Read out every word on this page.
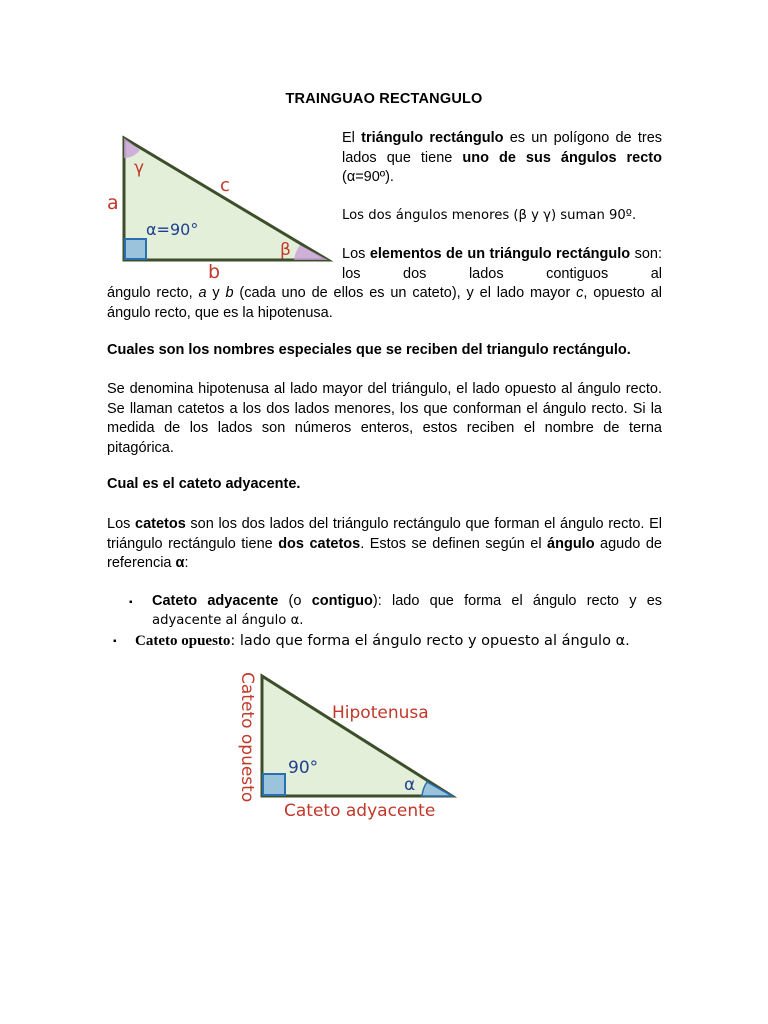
TRAINGUAO RECTANGULO
γ
c
a
α=90°
β
b
El triángulo rectángulo es un polígono de tres lados que tiene uno de sus ángulos recto (α=90º).
Los dos ángulos menores (β y γ) suman 90º.
Los elementos de un triángulo rectángulo son: los dos lados contiguos al
ángulo recto, a y b (cada uno de ellos es un cateto), y el lado mayor c, opuesto al ángulo recto, que es la hipotenusa.
Cuales son los nombres especiales que se reciben del triangulo rectángulo.
Se denomina hipotenusa al lado mayor del triángulo, el lado opuesto al ángulo recto. Se llaman catetos a los dos lados menores, los que conforman el ángulo recto. Si la medida de los lados son números enteros, estos reciben el nombre de terna pitagórica.
Cual es el cateto adyacente.
Los catetos son los dos lados del triángulo rectángulo que forman el ángulo recto. El triángulo rectángulo tiene dos catetos. Estos se definen según el ángulo agudo de referencia α:
▪ Cateto adyacente (o contiguo): lado que forma el ángulo recto y es
adyacente al ángulo α.
▪ Cateto opuesto: lado que forma el ángulo recto y opuesto al ángulo α.
Cateto opuesto	Hipotenusa
90°
α
Cateto adyacente
